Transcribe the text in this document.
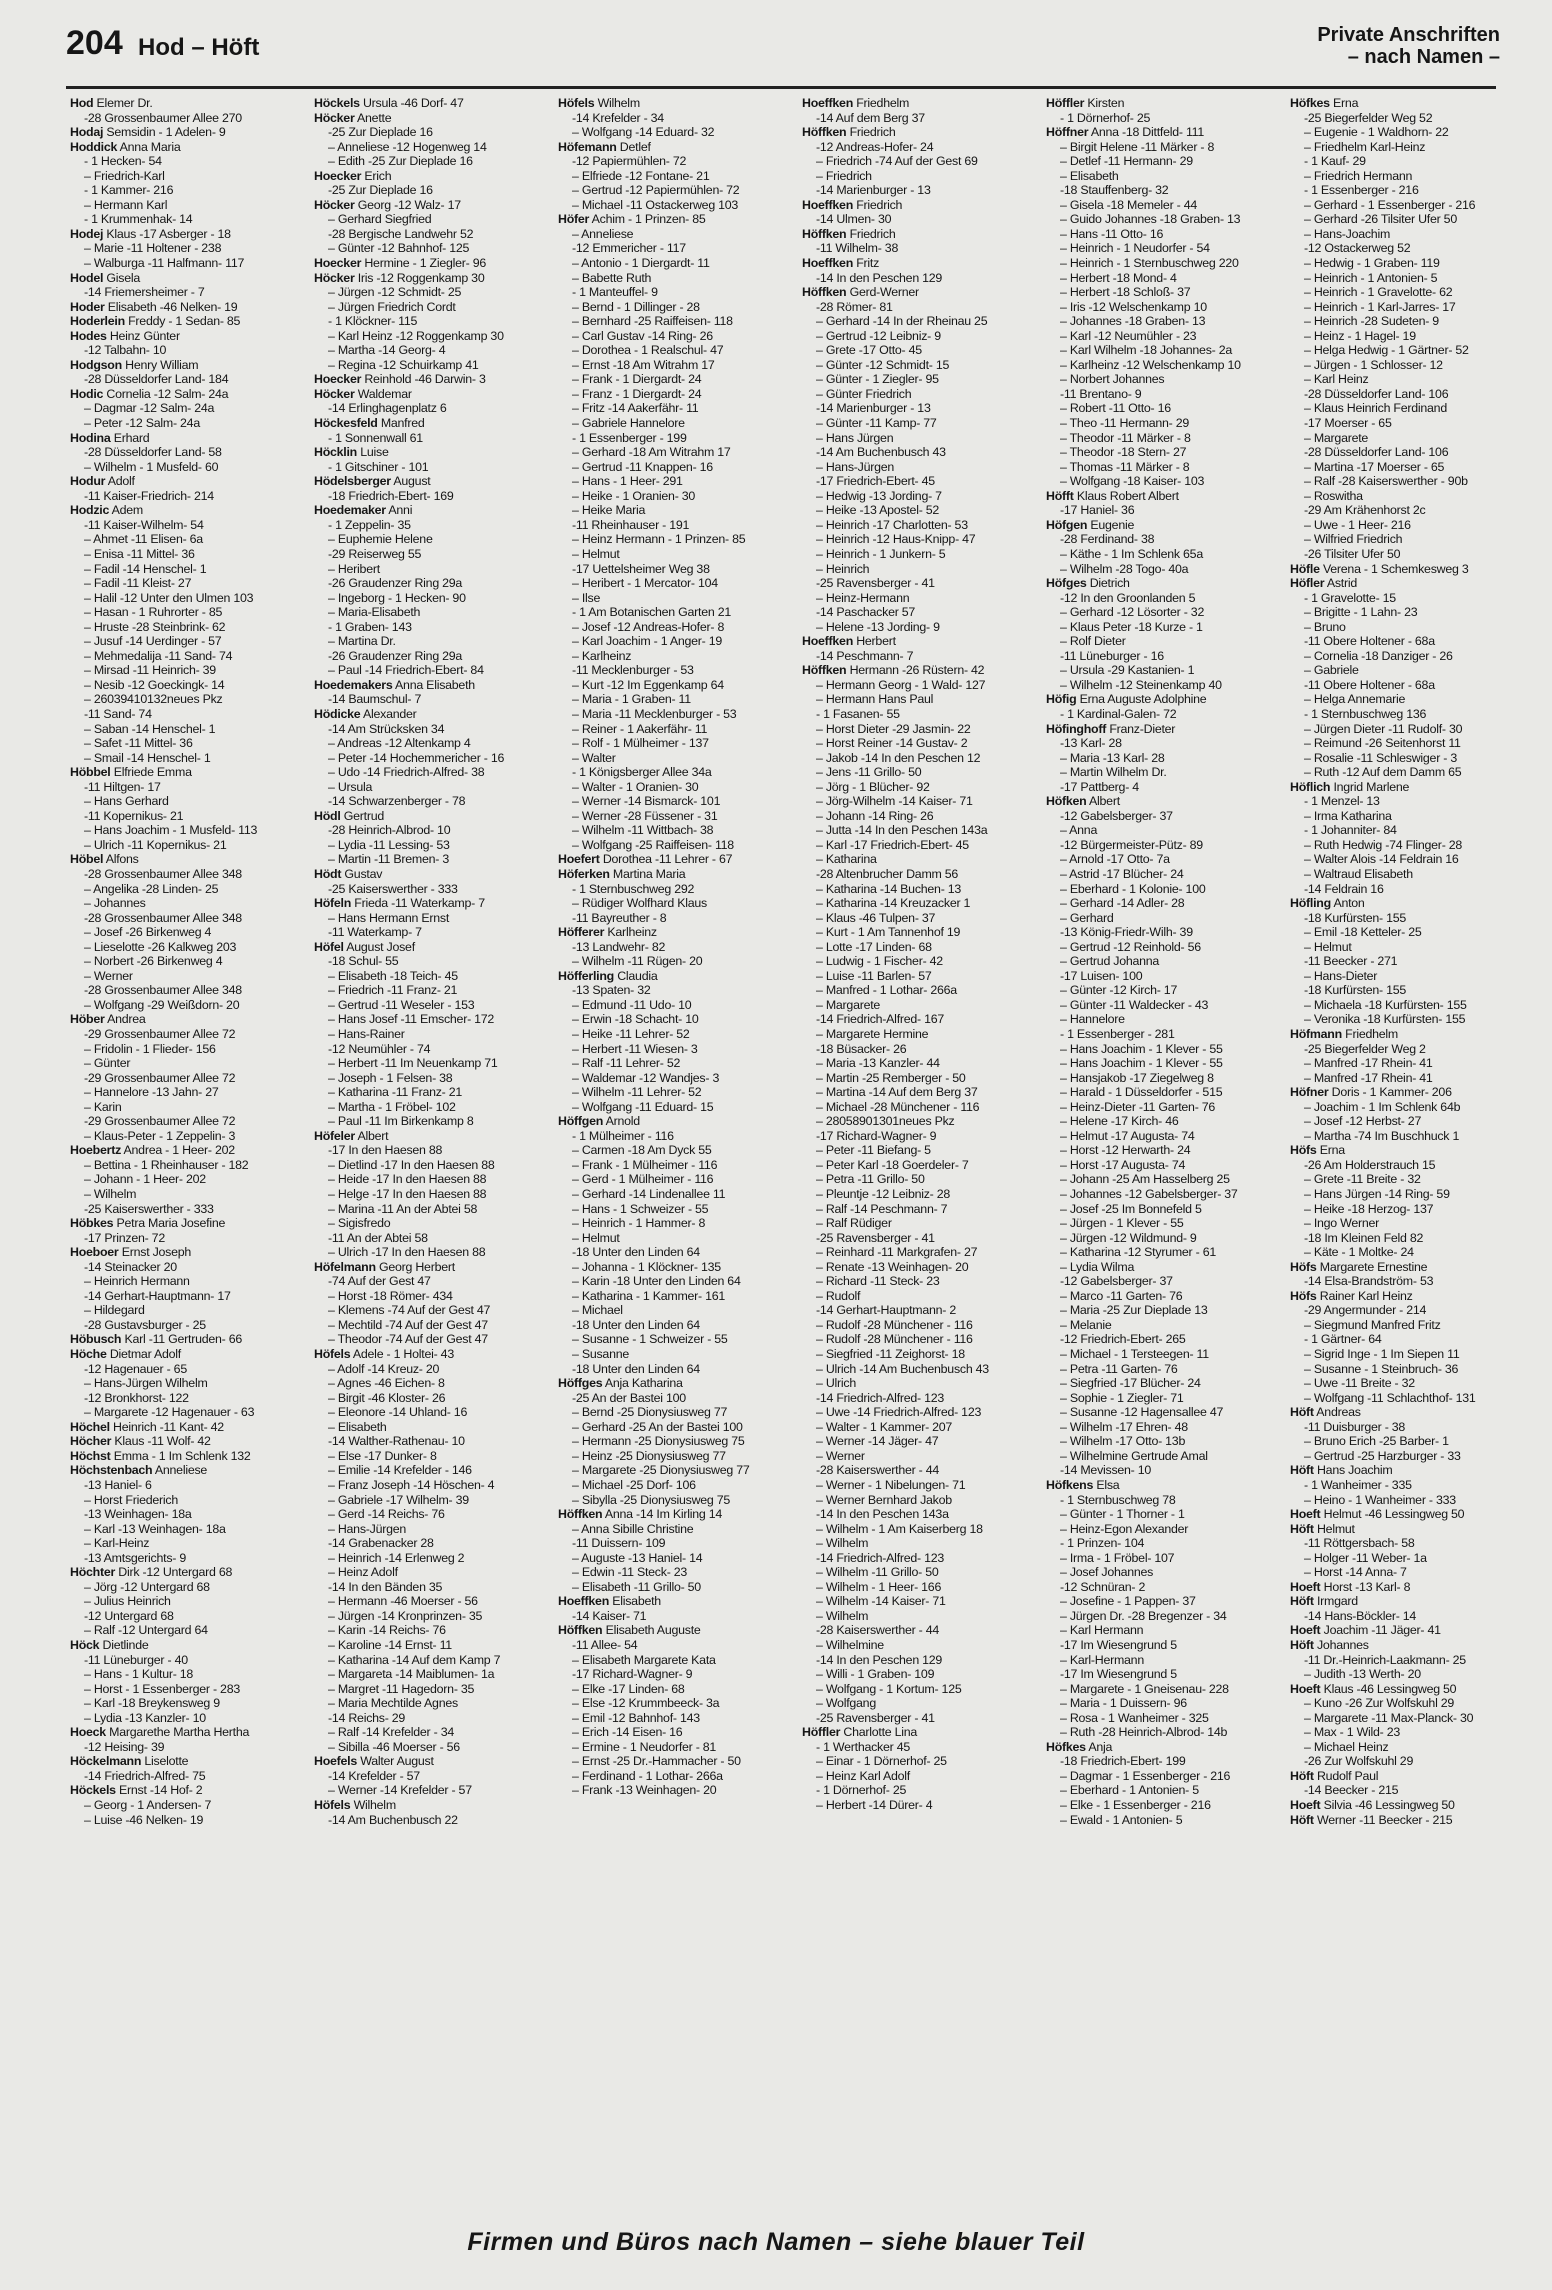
204 Hod – Höft	Private Anschriften
– nach Namen –
Hod Elemer Dr.
-28 Grossenbaumer Allee 270
Hodaj Semsidin - 1 Adelen- 9
Hoddick Anna Maria
- 1 Hecken- 54
– Friedrich-Karl
- 1 Kammer- 216
– Hermann Karl
- 1 Krummenhak- 14
Hodej Klaus -17 Asberger - 18
– Marie -11 Holtener - 238
– Walburga -11 Halfmann- 117
Hodel Gisela
-14 Friemersheimer - 7
Hoder Elisabeth -46 Nelken- 19
Hoderlein Freddy - 1 Sedan- 85
Hodes Heinz Günter
-12 Talbahn- 10
Hodgson Henry William
-28 Düsseldorfer Land- 184
Hodic Cornelia -12 Salm- 24a
– Dagmar -12 Salm- 24a
– Peter -12 Salm- 24a
Hodina Erhard
-28 Düsseldorfer Land- 58
– Wilhelm - 1 Musfeld- 60
Hodur Adolf
-11 Kaiser-Friedrich- 214
Hodzic Adem
-11 Kaiser-Wilhelm- 54
– Ahmet -11 Elisen- 6a
– Enisa -11 Mittel- 36
– Fadil -14 Henschel- 1
– Fadil -11 Kleist- 27
– Halil -12 Unter den Ulmen 103
– Hasan - 1 Ruhrorter - 85
– Hruste -28 Steinbrink- 62
– Jusuf -14 Uerdinger - 57
– Mehmedalija -11 Sand- 74
– Mirsad -11 Heinrich- 39
– Nesib -12 Goeckingk- 14
– 26039410132neues Pkz
-11 Sand- 74
– Saban -14 Henschel- 1
– Safet -11 Mittel- 36
– Smail -14 Henschel- 1
Höbbel Elfriede Emma
-11 Hiltgen- 17
– Hans Gerhard
-11 Kopernikus- 21
– Hans Joachim - 1 Musfeld- 113
– Ulrich -11 Kopernikus- 21
Höbel Alfons
-28 Grossenbaumer Allee 348
– Angelika -28 Linden- 25
– Johannes
-28 Grossenbaumer Allee 348
– Josef -26 Birkenweg 4
– Lieselotte -26 Kalkweg 203
– Norbert -26 Birkenweg 4
– Werner
-28 Grossenbaumer Allee 348
– Wolfgang -29 Weißdorn- 20
Höber Andrea
-29 Grossenbaumer Allee 72
– Fridolin - 1 Flieder- 156
– Günter
-29 Grossenbaumer Allee 72
– Hannelore -13 Jahn- 27
– Karin
-29 Grossenbaumer Allee 72
– Klaus-Peter - 1 Zeppelin- 3
Hoebertz Andrea - 1 Heer- 202
– Bettina - 1 Rheinhauser - 182
– Johann - 1 Heer- 202
– Wilhelm
-25 Kaiserswerther - 333
Höbkes Petra Maria Josefine
-17 Prinzen- 72
Hoeboer Ernst Joseph
-14 Steinacker 20
– Heinrich Hermann
-14 Gerhart-Hauptmann- 17
– Hildegard
-28 Gustavsburger - 25
Höbusch Karl -11 Gertruden- 66
Höche Dietmar Adolf
-12 Hagenauer - 65
– Hans-Jürgen Wilhelm
-12 Bronkhorst- 122
– Margarete -12 Hagenauer - 63
Höchel Heinrich -11 Kant- 42
Höcher Klaus -11 Wolf- 42
Höchst Emma - 1 Im Schlenk 132
Höchstenbach Anneliese
-13 Haniel- 6
– Horst Friederich
-13 Weinhagen- 18a
– Karl -13 Weinhagen- 18a
– Karl-Heinz
-13 Amtsgerichts- 9
Höchter Dirk -12 Untergard 68
– Jörg -12 Untergard 68
– Julius Heinrich
-12 Untergard 68
– Ralf -12 Untergard 64
Höck Dietlinde
-11 Lüneburger - 40
– Hans - 1 Kultur- 18
– Horst - 1 Essenberger - 283
– Karl -18 Breykensweg 9
– Lydia -13 Kanzler- 10
Hoeck Margarethe Martha Hertha
-12 Heising- 39
Höckelmann Liselotte
-14 Friedrich-Alfred- 75
Höckels Ernst -14 Hof- 2
– Georg - 1 Andersen- 7
– Luise -46 Nelken- 19
Höckels Ursula -46 Dorf- 47
Höcker Anette
-25 Zur Dieplade 16
– Anneliese -12 Hogenweg 14
– Edith -25 Zur Dieplade 16
Hoecker Erich
-25 Zur Dieplade 16
Höcker Georg -12 Walz- 17
– Gerhard Siegfried
-28 Bergische Landwehr 52
– Günter -12 Bahnhof- 125
Hoecker Hermine - 1 Ziegler- 96
Höcker Iris -12 Roggenkamp 30
– Jürgen -12 Schmidt- 25
– Jürgen Friedrich Cordt
- 1 Klöckner- 115
– Karl Heinz -12 Roggenkamp 30
– Martha -14 Georg- 4
– Regina -12 Schuirkamp 41
Hoecker Reinhold -46 Darwin- 3
Höcker Waldemar
-14 Erlinghagenplatz 6
Höckesfeld Manfred
- 1 Sonnenwall 61
Höcklin Luise
- 1 Gitschiner - 101
Hödelsberger August
-18 Friedrich-Ebert- 169
Hoedemaker Anni
- 1 Zeppelin- 35
– Euphemie Helene
-29 Reiserweg 55
– Heribert
-26 Graudenzer Ring 29a
– Ingeborg - 1 Hecken- 90
– Maria-Elisabeth
- 1 Graben- 143
– Martina Dr.
-26 Graudenzer Ring 29a
– Paul -14 Friedrich-Ebert- 84
Hoedemakers Anna Elisabeth
-14 Baumschul- 7
Hödicke Alexander
-14 Am Strücksken 34
– Andreas -12 Altenkamp 4
– Peter -14 Hochemmericher - 16
– Udo -14 Friedrich-Alfred- 38
– Ursula
-14 Schwarzenberger - 78
Hödl Gertrud
-28 Heinrich-Albrod- 10
– Lydia -11 Lessing- 53
– Martin -11 Bremen- 3
Hödt Gustav
-25 Kaiserswerther - 333
Höfeln Frieda -11 Waterkamp- 7
– Hans Hermann Ernst
-11 Waterkamp- 7
Höfel August Josef
-18 Schul- 55
– Elisabeth -18 Teich- 45
– Friedrich -11 Franz- 21
– Gertrud -11 Weseler - 153
– Hans Josef -11 Emscher- 172
– Hans-Rainer
-12 Neumühler - 74
– Herbert -11 Im Neuenkamp 71
– Joseph - 1 Felsen- 38
– Katharina -11 Franz- 21
– Martha - 1 Fröbel- 102
– Paul -11 Im Birkenkamp 8
Höfeler Albert
-17 In den Haesen 88
– Dietlind -17 In den Haesen 88
– Heide -17 In den Haesen 88
– Helge -17 In den Haesen 88
– Marina -11 An der Abtei 58
– Sigisfredo
-11 An der Abtei 58
– Ulrich -17 In den Haesen 88
Höfelmann Georg Herbert
-74 Auf der Gest 47
– Horst -18 Römer- 434
– Klemens -74 Auf der Gest 47
– Mechtild -74 Auf der Gest 47
– Theodor -74 Auf der Gest 47
Höfels Adele - 1 Holtei- 43
– Adolf -14 Kreuz- 20
– Agnes -46 Eichen- 8
– Birgit -46 Kloster- 26
– Eleonore -14 Uhland- 16
– Elisabeth
-14 Walther-Rathenau- 10
– Else -17 Dunker- 8
– Emilie -14 Krefelder - 146
– Franz Joseph -14 Höschen- 4
– Gabriele -17 Wilhelm- 39
– Gerd -14 Reichs- 76
– Hans-Jürgen
-14 Grabenacker 28
– Heinrich -14 Erlenweg 2
– Heinz Adolf
-14 In den Bänden 35
– Hermann -46 Moerser - 56
– Jürgen -14 Kronprinzen- 35
– Karin -14 Reichs- 76
– Karoline -14 Ernst- 11
– Katharina -14 Auf dem Kamp 7
– Margareta -14 Maiblumen- 1a
– Margret -11 Hagedorn- 35
– Maria Mechtilde Agnes
-14 Reichs- 29
– Ralf -14 Krefelder - 34
– Sibilla -46 Moerser - 56
Hoefels Walter August
-14 Krefelder - 57
– Werner -14 Krefelder - 57
Höfels Wilhelm
-14 Am Buchenbusch 22
Höfels Wilhelm
-14 Krefelder - 34
– Wolfgang -14 Eduard- 32
Höfemann Detlef
-12 Papiermühlen- 72
– Elfriede -12 Fontane- 21
– Gertrud -12 Papiermühlen- 72
– Michael -11 Ostackerweg 103
Höfer Achim - 1 Prinzen- 85
– Anneliese
-12 Emmericher - 117
– Antonio - 1 Diergardt- 11
– Babette Ruth
- 1 Manteuffel- 9
– Bernd - 1 Dillinger - 28
– Bernhard -25 Raiffeisen- 118
– Carl Gustav -14 Ring- 26
– Dorothea - 1 Realschul- 47
– Ernst -18 Am Witrahm 17
– Frank - 1 Diergardt- 24
– Franz - 1 Diergardt- 24
– Fritz -14 Aakerfähr- 11
– Gabriele Hannelore
- 1 Essenberger - 199
– Gerhard -18 Am Witrahm 17
– Gertrud -11 Knappen- 16
– Hans - 1 Heer- 291
– Heike - 1 Oranien- 30
– Heike Maria
-11 Rheinhauser - 191
– Heinz Hermann - 1 Prinzen- 85
– Helmut
-17 Uettelsheimer Weg 38
– Heribert - 1 Mercator- 104
– Ilse
- 1 Am Botanischen Garten 21
– Josef -12 Andreas-Hofer- 8
– Karl Joachim - 1 Anger- 19
– Karlheinz
-11 Mecklenburger - 53
– Kurt -12 Im Eggenkamp 64
– Maria - 1 Graben- 11
– Maria -11 Mecklenburger - 53
– Reiner - 1 Aakerfähr- 11
– Rolf - 1 Mülheimer - 137
– Walter
- 1 Königsberger Allee 34a
– Walter - 1 Oranien- 30
– Werner -14 Bismarck- 101
– Werner -28 Füssener - 31
– Wilhelm -11 Wittbach- 38
– Wolfgang -25 Raiffeisen- 118
Hoefert Dorothea -11 Lehrer - 67
Höferken Martina Maria
- 1 Sternbuschweg 292
– Rüdiger Wolfhard Klaus
-11 Bayreuther - 8
Höfferer Karlheinz
-13 Landwehr- 82
– Wilhelm -11 Rügen- 20
Höfferling Claudia
-13 Spaten- 32
– Edmund -11 Udo- 10
– Erwin -18 Schacht- 10
– Heike -11 Lehrer- 52
– Herbert -11 Wiesen- 3
– Ralf -11 Lehrer- 52
– Waldemar -12 Wandjes- 3
– Wilhelm -11 Lehrer- 52
– Wolfgang -11 Eduard- 15
Höffgen Arnold
- 1 Mülheimer - 116
– Carmen -18 Am Dyck 55
– Frank - 1 Mülheimer - 116
– Gerd - 1 Mülheimer - 116
– Gerhard -14 Lindenallee 11
– Hans - 1 Schweizer - 55
– Heinrich - 1 Hammer- 8
– Helmut
-18 Unter den Linden 64
– Johanna - 1 Klöckner- 135
– Karin -18 Unter den Linden 64
– Katharina - 1 Kammer- 161
– Michael
-18 Unter den Linden 64
– Susanne - 1 Schweizer - 55
– Susanne
-18 Unter den Linden 64
Höffges Anja Katharina
-25 An der Bastei 100
– Bernd -25 Dionysiusweg 77
– Gerhard -25 An der Bastei 100
– Hermann -25 Dionysiusweg 75
– Heinz -25 Dionysiusweg 77
– Margarete -25 Dionysiusweg 77
– Michael -25 Dorf- 106
– Sibylla -25 Dionysiusweg 75
Höffken Anna -14 Im Kirling 14
– Anna Sibille Christine
-11 Duissern- 109
– Auguste -13 Haniel- 14
– Edwin -11 Steck- 23
– Elisabeth -11 Grillo- 50
Hoeffken Elisabeth
-14 Kaiser- 71
Höffken Elisabeth Auguste
-11 Allee- 54
– Elisabeth Margarete Kata
-17 Richard-Wagner- 9
– Elke -17 Linden- 68
– Else -12 Krummbeeck- 3a
– Emil -12 Bahnhof- 143
– Erich -14 Eisen- 16
– Ermine - 1 Neudorfer - 81
– Ernst -25 Dr.-Hammacher - 50
– Ferdinand - 1 Lothar- 266a
– Frank -13 Weinhagen- 20
Hoeffken Friedhelm
-14 Auf dem Berg 37
Höffken Friedrich
-12 Andreas-Hofer- 24
– Friedrich -74 Auf der Gest 69
– Friedrich
-14 Marienburger - 13
Hoeffken Friedrich
-14 Ulmen- 30
Höffken Friedrich
-11 Wilhelm- 38
Hoeffken Fritz
-14 In den Peschen 129
Höffken Gerd-Werner
-28 Römer- 81
– Gerhard -14 In der Rheinau 25
– Gertrud -12 Leibniz- 9
– Grete -17 Otto- 45
– Günter -12 Schmidt- 15
– Günter - 1 Ziegler- 95
– Günter Friedrich
-14 Marienburger - 13
– Günter -11 Kamp- 77
– Hans Jürgen
-14 Am Buchenbusch 43
– Hans-Jürgen
-17 Friedrich-Ebert- 45
– Hedwig -13 Jording- 7
– Heike -13 Apostel- 52
– Heinrich -17 Charlotten- 53
– Heinrich -12 Haus-Knipp- 47
– Heinrich - 1 Junkern- 5
– Heinrich
-25 Ravensberger - 41
– Heinz-Hermann
-14 Paschacker 57
– Helene -13 Jording- 9
Hoeffken Herbert
-14 Peschmann- 7
Höffken Hermann -26 Rüstern- 42
– Hermann Georg - 1 Wald- 127
– Hermann Hans Paul
- 1 Fasanen- 55
– Horst Dieter -29 Jasmin- 22
– Horst Reiner -14 Gustav- 2
– Jakob -14 In den Peschen 12
– Jens -11 Grillo- 50
– Jörg - 1 Blücher- 92
– Jörg-Wilhelm -14 Kaiser- 71
– Johann -14 Ring- 26
– Jutta -14 In den Peschen 143a
– Karl -17 Friedrich-Ebert- 45
– Katharina
-28 Altenbrucher Damm 56
– Katharina -14 Buchen- 13
– Katharina -14 Kreuzacker 1
– Klaus -46 Tulpen- 37
– Kurt - 1 Am Tannenhof 19
– Lotte -17 Linden- 68
– Ludwig - 1 Fischer- 42
– Luise -11 Barlen- 57
– Manfred - 1 Lothar- 266a
– Margarete
-14 Friedrich-Alfred- 167
– Margarete Hermine
-18 Büsacker- 26
– Maria -13 Kanzler- 44
– Martin -25 Remberger - 50
– Martina -14 Auf dem Berg 37
– Michael -28 Münchener - 116
– 28058901301neues Pkz
-17 Richard-Wagner- 9
– Peter -11 Biefang- 5
– Peter Karl -18 Goerdeler- 7
– Petra -11 Grillo- 50
– Pleuntje -12 Leibniz- 28
– Ralf -14 Peschmann- 7
– Ralf Rüdiger
-25 Ravensberger - 41
– Reinhard -11 Markgrafen- 27
– Renate -13 Weinhagen- 20
– Richard -11 Steck- 23
– Rudolf
-14 Gerhart-Hauptmann- 2
– Rudolf -28 Münchener - 116
– Rudolf -28 Münchener - 116
– Siegfried -11 Zeighorst- 18
– Ulrich -14 Am Buchenbusch 43
– Ulrich
-14 Friedrich-Alfred- 123
– Uwe -14 Friedrich-Alfred- 123
– Walter - 1 Kammer- 207
– Werner -14 Jäger- 47
– Werner
-28 Kaiserswerther - 44
– Werner - 1 Nibelungen- 71
– Werner Bernhard Jakob
-14 In den Peschen 143a
– Wilhelm - 1 Am Kaiserberg 18
– Wilhelm
-14 Friedrich-Alfred- 123
– Wilhelm -11 Grillo- 50
– Wilhelm - 1 Heer- 166
– Wilhelm -14 Kaiser- 71
– Wilhelm
-28 Kaiserswerther - 44
– Wilhelmine
-14 In den Peschen 129
– Willi - 1 Graben- 109
– Wolfgang - 1 Kortum- 125
– Wolfgang
-25 Ravensberger - 41
Höffler Charlotte Lina
- 1 Werthacker 45
– Einar - 1 Dörnerhof- 25
– Heinz Karl Adolf
- 1 Dörnerhof- 25
– Herbert -14 Dürer- 4
Höffler Kirsten
- 1 Dörnerhof- 25
Höffner Anna -18 Dittfeld- 111
– Birgit Helene -11 Märker - 8
– Detlef -11 Hermann- 29
– Elisabeth
-18 Stauffenberg- 32
– Gisela -18 Memeler - 44
– Guido Johannes -18 Graben- 13
– Hans -11 Otto- 16
– Heinrich - 1 Neudorfer - 54
– Heinrich - 1 Sternbuschweg 220
– Herbert -18 Mond- 4
– Herbert -18 Schloß- 37
– Iris -12 Welschenkamp 10
– Johannes -18 Graben- 13
– Karl -12 Neumühler - 23
– Karl Wilhelm -18 Johannes- 2a
– Karlheinz -12 Welschenkamp 10
– Norbert Johannes
-11 Brentano- 9
– Robert -11 Otto- 16
– Theo -11 Hermann- 29
– Theodor -11 Märker - 8
– Theodor -18 Stern- 27
– Thomas -11 Märker - 8
– Wolfgang -18 Kaiser- 103
Höfft Klaus Robert Albert
-17 Haniel- 36
Höfgen Eugenie
-28 Ferdinand- 38
– Käthe - 1 Im Schlenk 65a
– Wilhelm -28 Togo- 40a
Höfges Dietrich
-12 In den Groonlanden 5
– Gerhard -12 Lösorter - 32
– Klaus Peter -18 Kurze - 1
– Rolf Dieter
-11 Lüneburger - 16
– Ursula -29 Kastanien- 1
– Wilhelm -12 Steinenkamp 40
Höfig Erna Auguste Adolphine
- 1 Kardinal-Galen- 72
Höfinghoff Franz-Dieter
-13 Karl- 28
– Maria -13 Karl- 28
– Martin Wilhelm Dr.
-17 Pattberg- 4
Höfken Albert
-12 Gabelsberger- 37
– Anna
-12 Bürgermeister-Pütz- 89
– Arnold -17 Otto- 7a
– Astrid -17 Blücher- 24
– Eberhard - 1 Kolonie- 100
– Gerhard -14 Adler- 28
– Gerhard
-13 König-Friedr-Wilh- 39
– Gertrud -12 Reinhold- 56
– Gertrud Johanna
-17 Luisen- 100
– Günter -12 Kirch- 17
– Günter -11 Waldecker - 43
– Hannelore
- 1 Essenberger - 281
– Hans Joachim - 1 Klever - 55
– Hans Joachim - 1 Klever - 55
– Hansjakob -17 Ziegelweg 8
– Harald - 1 Düsseldorfer - 515
– Heinz-Dieter -11 Garten- 76
– Helene -17 Kirch- 46
– Helmut -17 Augusta- 74
– Horst -12 Herwarth- 24
– Horst -17 Augusta- 74
– Johann -25 Am Hasselberg 25
– Johannes -12 Gabelsberger- 37
– Josef -25 Im Bonnefeld 5
– Jürgen - 1 Klever - 55
– Jürgen -12 Wildmund- 9
– Katharina -12 Styrumer - 61
– Lydia Wilma
-12 Gabelsberger- 37
– Marco -11 Garten- 76
– Maria -25 Zur Dieplade 13
– Melanie
-12 Friedrich-Ebert- 265
– Michael - 1 Tersteegen- 11
– Petra -11 Garten- 76
– Siegfried -17 Blücher- 24
– Sophie - 1 Ziegler- 71
– Susanne -12 Hagensallee 47
– Wilhelm -17 Ehren- 48
– Wilhelm -17 Otto- 13b
– Wilhelmine Gertrude Amal
-14 Mevissen- 10
Höfkens Elsa
- 1 Sternbuschweg 78
– Günter - 1 Thorner - 1
– Heinz-Egon Alexander
- 1 Prinzen- 104
– Irma - 1 Fröbel- 107
– Josef Johannes
-12 Schnüran- 2
– Josefine - 1 Pappen- 37
– Jürgen Dr. -28 Bregenzer - 34
– Karl Hermann
-17 Im Wiesengrund 5
– Karl-Hermann
-17 Im Wiesengrund 5
– Margarete - 1 Gneisenau- 228
– Maria - 1 Duissern- 96
– Rosa - 1 Wanheimer - 325
– Ruth -28 Heinrich-Albrod- 14b
Höfkes Anja
-18 Friedrich-Ebert- 199
– Dagmar - 1 Essenberger - 216
– Eberhard - 1 Antonien- 5
– Elke - 1 Essenberger - 216
– Ewald - 1 Antonien- 5
Höfkes Erna
-25 Biegerfelder Weg 52
– Eugenie - 1 Waldhorn- 22
– Friedhelm Karl-Heinz
- 1 Kauf- 29
– Friedrich Hermann
- 1 Essenberger - 216
– Gerhard - 1 Essenberger - 216
– Gerhard -26 Tilsiter Ufer 50
– Hans-Joachim
-12 Ostackerweg 52
– Hedwig - 1 Graben- 119
– Heinrich - 1 Antonien- 5
– Heinrich - 1 Gravelotte- 62
– Heinrich - 1 Karl-Jarres- 17
– Heinrich -28 Sudeten- 9
– Heinz - 1 Hagel- 19
– Helga Hedwig - 1 Gärtner- 52
– Jürgen - 1 Schlosser- 12
– Karl Heinz
-28 Düsseldorfer Land- 106
– Klaus Heinrich Ferdinand
-17 Moerser - 65
– Margarete
-28 Düsseldorfer Land- 106
– Martina -17 Moerser - 65
– Ralf -28 Kaiserswerther - 90b
– Roswitha
-29 Am Krähenhorst 2c
– Uwe - 1 Heer- 216
– Wilfried Friedrich
-26 Tilsiter Ufer 50
Höfle Verena - 1 Schemkesweg 3
Höfler Astrid
- 1 Gravelotte- 15
– Brigitte - 1 Lahn- 23
– Bruno
-11 Obere Holtener - 68a
– Cornelia -18 Danziger - 26
– Gabriele
-11 Obere Holtener - 68a
– Helga Annemarie
- 1 Sternbuschweg 136
– Jürgen Dieter -11 Rudolf- 30
– Reimund -26 Seitenhorst 11
– Rosalie -11 Schleswiger - 3
– Ruth -12 Auf dem Damm 65
Höflich Ingrid Marlene
- 1 Menzel- 13
– Irma Katharina
- 1 Johanniter- 84
– Ruth Hedwig -74 Flinger- 28
– Walter Alois -14 Feldrain 16
– Waltraud Elisabeth
-14 Feldrain 16
Höfling Anton
-18 Kurfürsten- 155
– Emil -18 Ketteler- 25
– Helmut
-11 Beecker - 271
– Hans-Dieter
-18 Kurfürsten- 155
– Michaela -18 Kurfürsten- 155
– Veronika -18 Kurfürsten- 155
Höfmann Friedhelm
-25 Biegerfelder Weg 2
– Manfred -17 Rhein- 41
– Manfred -17 Rhein- 41
Höfner Doris - 1 Kammer- 206
– Joachim - 1 Im Schlenk 64b
– Josef -12 Herbst- 27
– Martha -74 Im Buschhuck 1
Höfs Erna
-26 Am Holderstrauch 15
– Grete -11 Breite - 32
– Hans Jürgen -14 Ring- 59
– Heike -18 Herzog- 137
– Ingo Werner
-18 Im Kleinen Feld 82
– Käte - 1 Moltke- 24
Höfs Margarete Ernestine
-14 Elsa-Brandström- 53
Höfs Rainer Karl Heinz
-29 Angermunder - 214
– Siegmund Manfred Fritz
- 1 Gärtner- 64
– Sigrid Inge - 1 Im Siepen 11
– Susanne - 1 Steinbruch- 36
– Uwe -11 Breite - 32
– Wolfgang -11 Schlachthof- 131
Höft Andreas
-11 Duisburger - 38
– Bruno Erich -25 Barber- 1
– Gertrud -25 Harzburger - 33
Höft Hans Joachim
- 1 Wanheimer - 335
– Heino - 1 Wanheimer - 333
Hoeft Helmut -46 Lessingweg 50
Höft Helmut
-11 Röttgersbach- 58
– Holger -11 Weber- 1a
– Horst -14 Anna- 7
Hoeft Horst -13 Karl- 8
Höft Irmgard
-14 Hans-Böckler- 14
Hoeft Joachim -11 Jäger- 41
Höft Johannes
-11 Dr.-Heinrich-Laakmann- 25
– Judith -13 Werth- 20
Hoeft Klaus -46 Lessingweg 50
– Kuno -26 Zur Wolfskuhl 29
– Margarete -11 Max-Planck- 30
– Max - 1 Wild- 23
– Michael Heinz
-26 Zur Wolfskuhl 29
Höft Rudolf Paul
-14 Beecker - 215
Hoeft Silvia -46 Lessingweg 50
Höft Werner -11 Beecker - 215
Firmen und Büros nach Namen – siehe blauer Teil
